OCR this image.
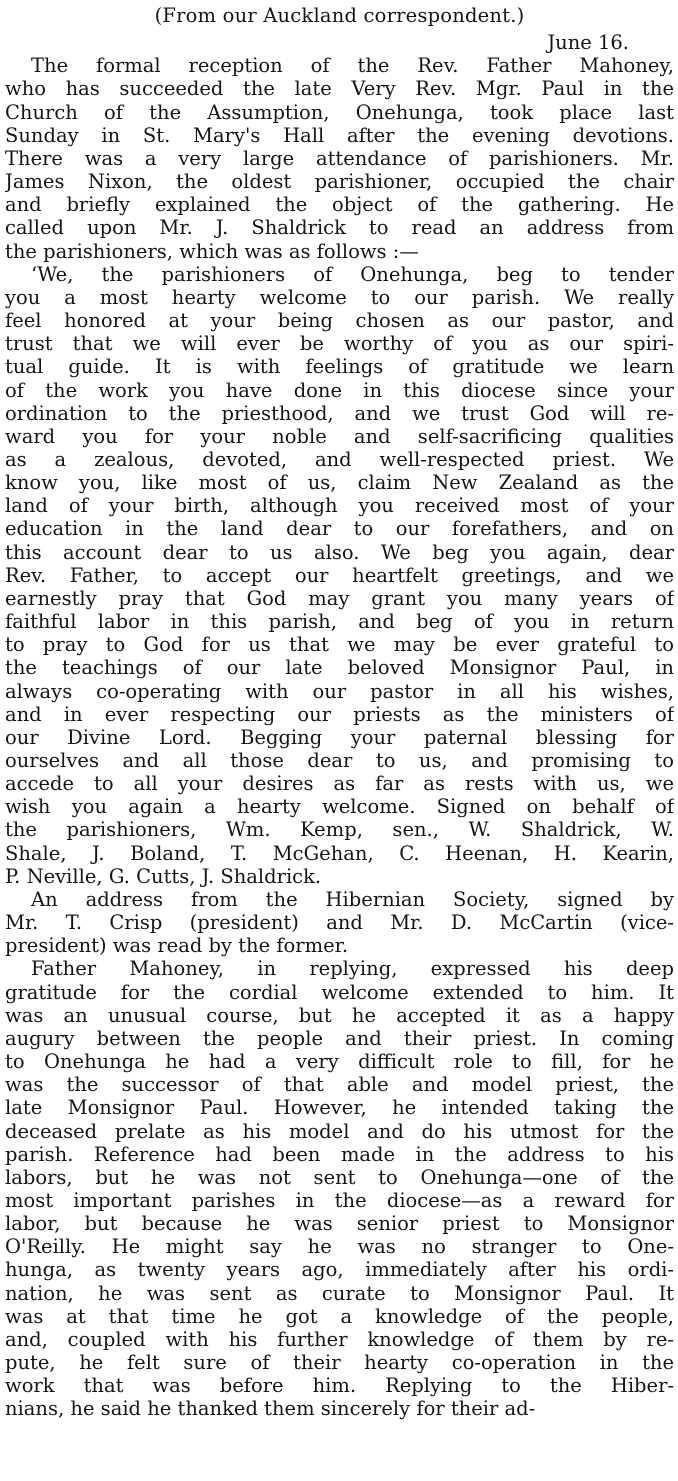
(From our Auckland correspondent.)

June 16.

The formal reception of the Rev. Father Mahoney,
who has succeeded the late Very Rev. Mgr. Paul in the
Church of the Assumption, Onehunga, took place last
Sunday in St. Mary's Hall after the evening devotions.
There was a very large attendance of parishioners. Mr.
James Nixon, the oldest parishioner, occupied the chair
and briefly explained the object of the gathering. He
called upon Mr. J. Shaldrick to read an address from
the parishioners, which was as follows :—
‘We, the parishioners of Onehunga, beg to tender
you a most hearty welcome to our parish. We really
feel honored at your being chosen as our pastor, and
trust that we will ever be worthy of you as our spiri-
tual guide. It is with feelings of gratitude we learn
of the work you have done in this diocese since your
ordination to the priesthood, and we trust God will re-
ward you for your noble and self-sacrificing qualities
as a zealous, devoted, and well-respected priest. We
know you, like most of us, claim New Zealand as the
land of your birth, although you received most of your
education in the land dear to our forefathers, and on
this account dear to us also. We beg you again, dear
Rev. Father, to accept our heartfelt greetings, and we
earnestly pray that God may grant you many years of
faithful labor in this parish, and beg of you in return
to pray to God for us that we may be ever grateful to
the teachings of our late beloved Monsignor Paul, in
always co-operating with our pastor in all his wishes,
and in ever respecting our priests as the ministers of
our Divine Lord. Begging your paternal blessing for
ourselves and all those dear to us, and promising to
accede to all your desires as far as rests with us, we
wish you again a hearty welcome. Signed on behalf of
the parishioners, Wm. Kemp, sen., W. Shaldrick, W.
Shale, J. Boland, T. McGehan, C. Heenan, H. Kearin,
P. Neville, G. Cutts, J. Shaldrick.
An address from the Hibernian Society, signed by
Mr. T. Crisp (president) and Mr. D. McCartin (vice-
president) was read by the former.
Father Mahoney, in replying, expressed his deep
gratitude for the cordial welcome extended to him. It
was an unusual course, but he accepted it as a happy
augury between the people and their priest. In coming
to Onehunga he had a very difficult role to fill, for he
was the successor of that able and model priest, the
late Monsignor Paul. However, he intended taking the
deceased prelate as his model and do his utmost for the
parish. Reference had been made in the address to his
labors, but he was not sent to Onehunga—one of the
most important parishes in the diocese—as a reward for
labor, but because he was senior priest to Monsignor
O'Reilly. He might say he was no stranger to One-
hunga, as twenty years ago, immediately after his ordi-
nation, he was sent as curate to Monsignor Paul. It
was at that time he got a knowledge of the people,
and, coupled with his further knowledge of them by re-
pute, he felt sure of their hearty co-operation in the
work that was before him. Replying to the Hiber-
nians, he said he thanked them sincerely for their ad-
